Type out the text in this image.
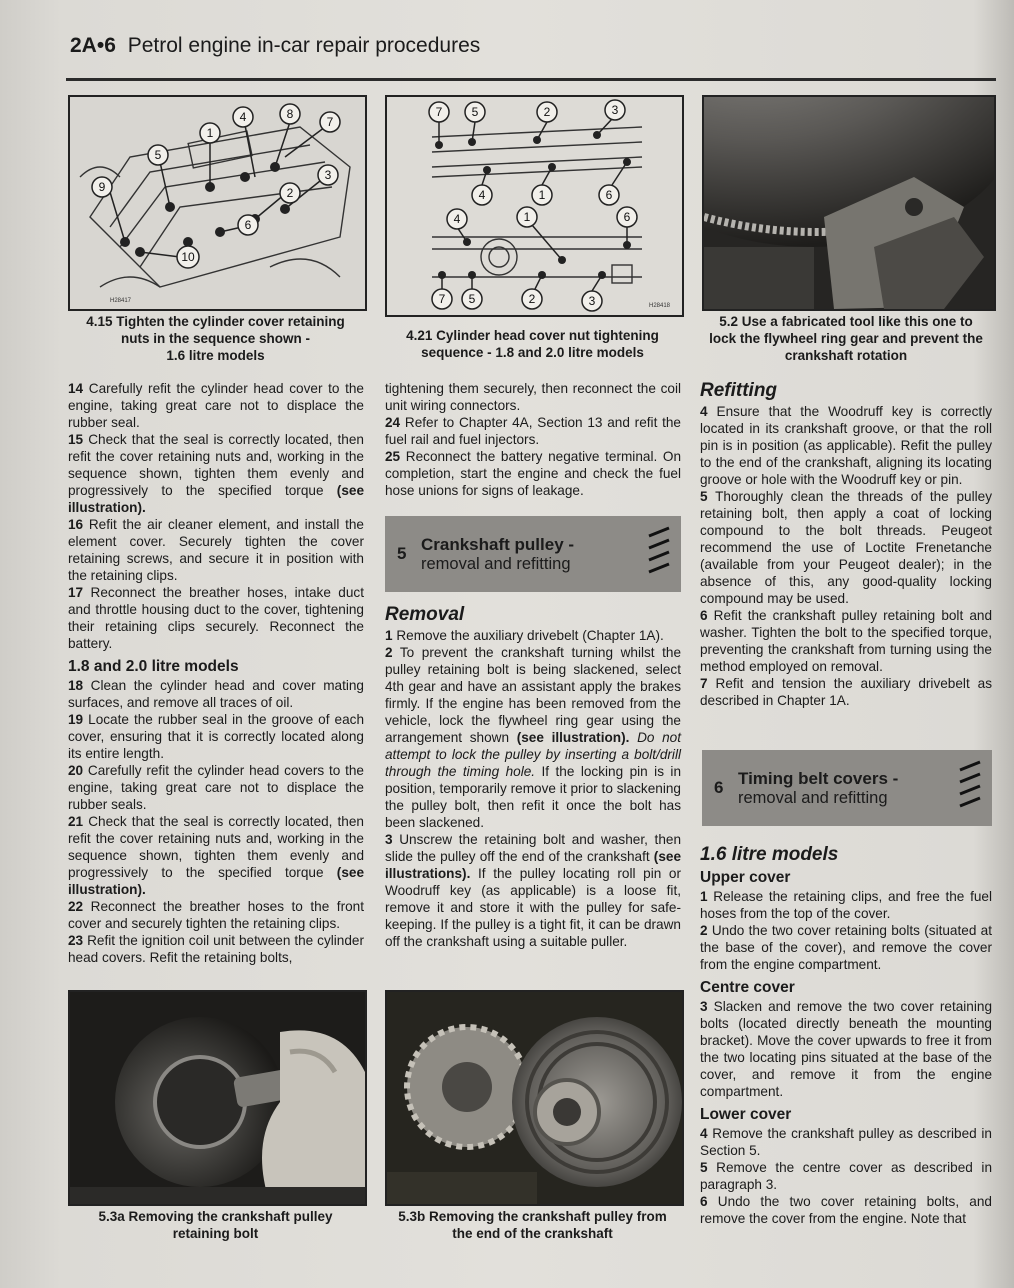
2A•6 Petrol engine in-car repair procedures
1
4	8
7
3
2
6
5
9
10
H28417
4.15 Tighten the cylinder cover retaining
nuts in the sequence shown -
1.6 litre models
7 5	2	3
4	1	6
4	1	6
7 5	2	3	H28418
4.21 Cylinder head cover nut tightening
sequence - 1.8 and 2.0 litre models
5.2 Use a fabricated tool like this one to
lock the flywheel ring gear and prevent the
crankshaft rotation

14 Carefully refit the cylinder head cover to the engine, taking great care not to displace the rubber seal.

15 Check that the seal is correctly located, then refit the cover retaining nuts and, working in the sequence shown, tighten them evenly and progressively to the specified torque (see illustration).

16 Refit the air cleaner element, and install the element cover. Securely tighten the cover retaining screws, and secure it in position with the retaining clips.

17 Reconnect the breather hoses, intake duct and throttle housing duct to the cover, tightening their retaining clips securely. Reconnect the battery.

1.8 and 2.0 litre models

18 Clean the cylinder head and cover mating surfaces, and remove all traces of oil.

19 Locate the rubber seal in the groove of each cover, ensuring that it is correctly located along its entire length.

20 Carefully refit the cylinder head covers to the engine, taking great care not to displace the rubber seals.

21 Check that the seal is correctly located, then refit the cover retaining nuts and, working in the sequence shown, tighten them evenly and progressively to the specified torque (see illustration).

22 Reconnect the breather hoses to the front cover and securely tighten the retaining clips.

23 Refit the ignition coil unit between the cylinder head covers. Refit the retaining bolts,

tightening them securely, then reconnect the coil unit wiring connectors.

24 Refer to Chapter 4A, Section 13 and refit the fuel rail and fuel injectors.

25 Reconnect the battery negative terminal. On completion, start the engine and check the fuel hose unions for signs of leakage.

5 Crankshaft pulley -
removal and refitting
Removal

1 Remove the auxiliary drivebelt (Chapter 1A).

2 To prevent the crankshaft turning whilst the pulley retaining bolt is being slackened, select 4th gear and have an assistant apply the brakes firmly. If the engine has been removed from the vehicle, lock the flywheel ring gear using the arrangement shown (see illustration). Do not attempt to lock the pulley by inserting a bolt/drill through the timing hole. If the locking pin is in position, temporarily remove it prior to slackening the pulley bolt, then refit it once the bolt has been slackened.

3 Unscrew the retaining bolt and washer, then slide the pulley off the end of the crankshaft (see illustrations). If the pulley locating roll pin or Woodruff key (as applicable) is a loose fit, remove it and store it with the pulley for safe-keeping. If the pulley is a tight fit, it can be drawn off the crankshaft using a suitable puller.

Refitting

4 Ensure that the Woodruff key is correctly located in its crankshaft groove, or that the roll pin is in position (as applicable). Refit the pulley to the end of the crankshaft, aligning its locating groove or hole with the Woodruff key or pin.

5 Thoroughly clean the threads of the pulley retaining bolt, then apply a coat of locking compound to the bolt threads. Peugeot recommend the use of Loctite Frenetanche (available from your Peugeot dealer); in the absence of this, any good-quality locking compound may be used.

6 Refit the crankshaft pulley retaining bolt and washer. Tighten the bolt to the specified torque, preventing the crankshaft from turning using the method employed on removal.

7 Refit and tension the auxiliary drivebelt as described in Chapter 1A.

6 Timing belt covers -
removal and refitting
1.6 litre models
Upper cover

1 Release the retaining clips, and free the fuel hoses from the top of the cover.

2 Undo the two cover retaining bolts (situated at the base of the cover), and remove the cover from the engine compartment.

Centre cover

3 Slacken and remove the two cover retaining bolts (located directly beneath the mounting bracket). Move the cover upwards to free it from the two locating pins situated at the base of the cover, and remove it from the engine compartment.

Lower cover

4 Remove the crankshaft pulley as described in Section 5.

5 Remove the centre cover as described in paragraph 3.

6 Undo the two cover retaining bolts, and remove the cover from the engine. Note that

5.3a Removing the crankshaft pulley
retaining bolt
5.3b Removing the crankshaft pulley from
the end of the crankshaft
